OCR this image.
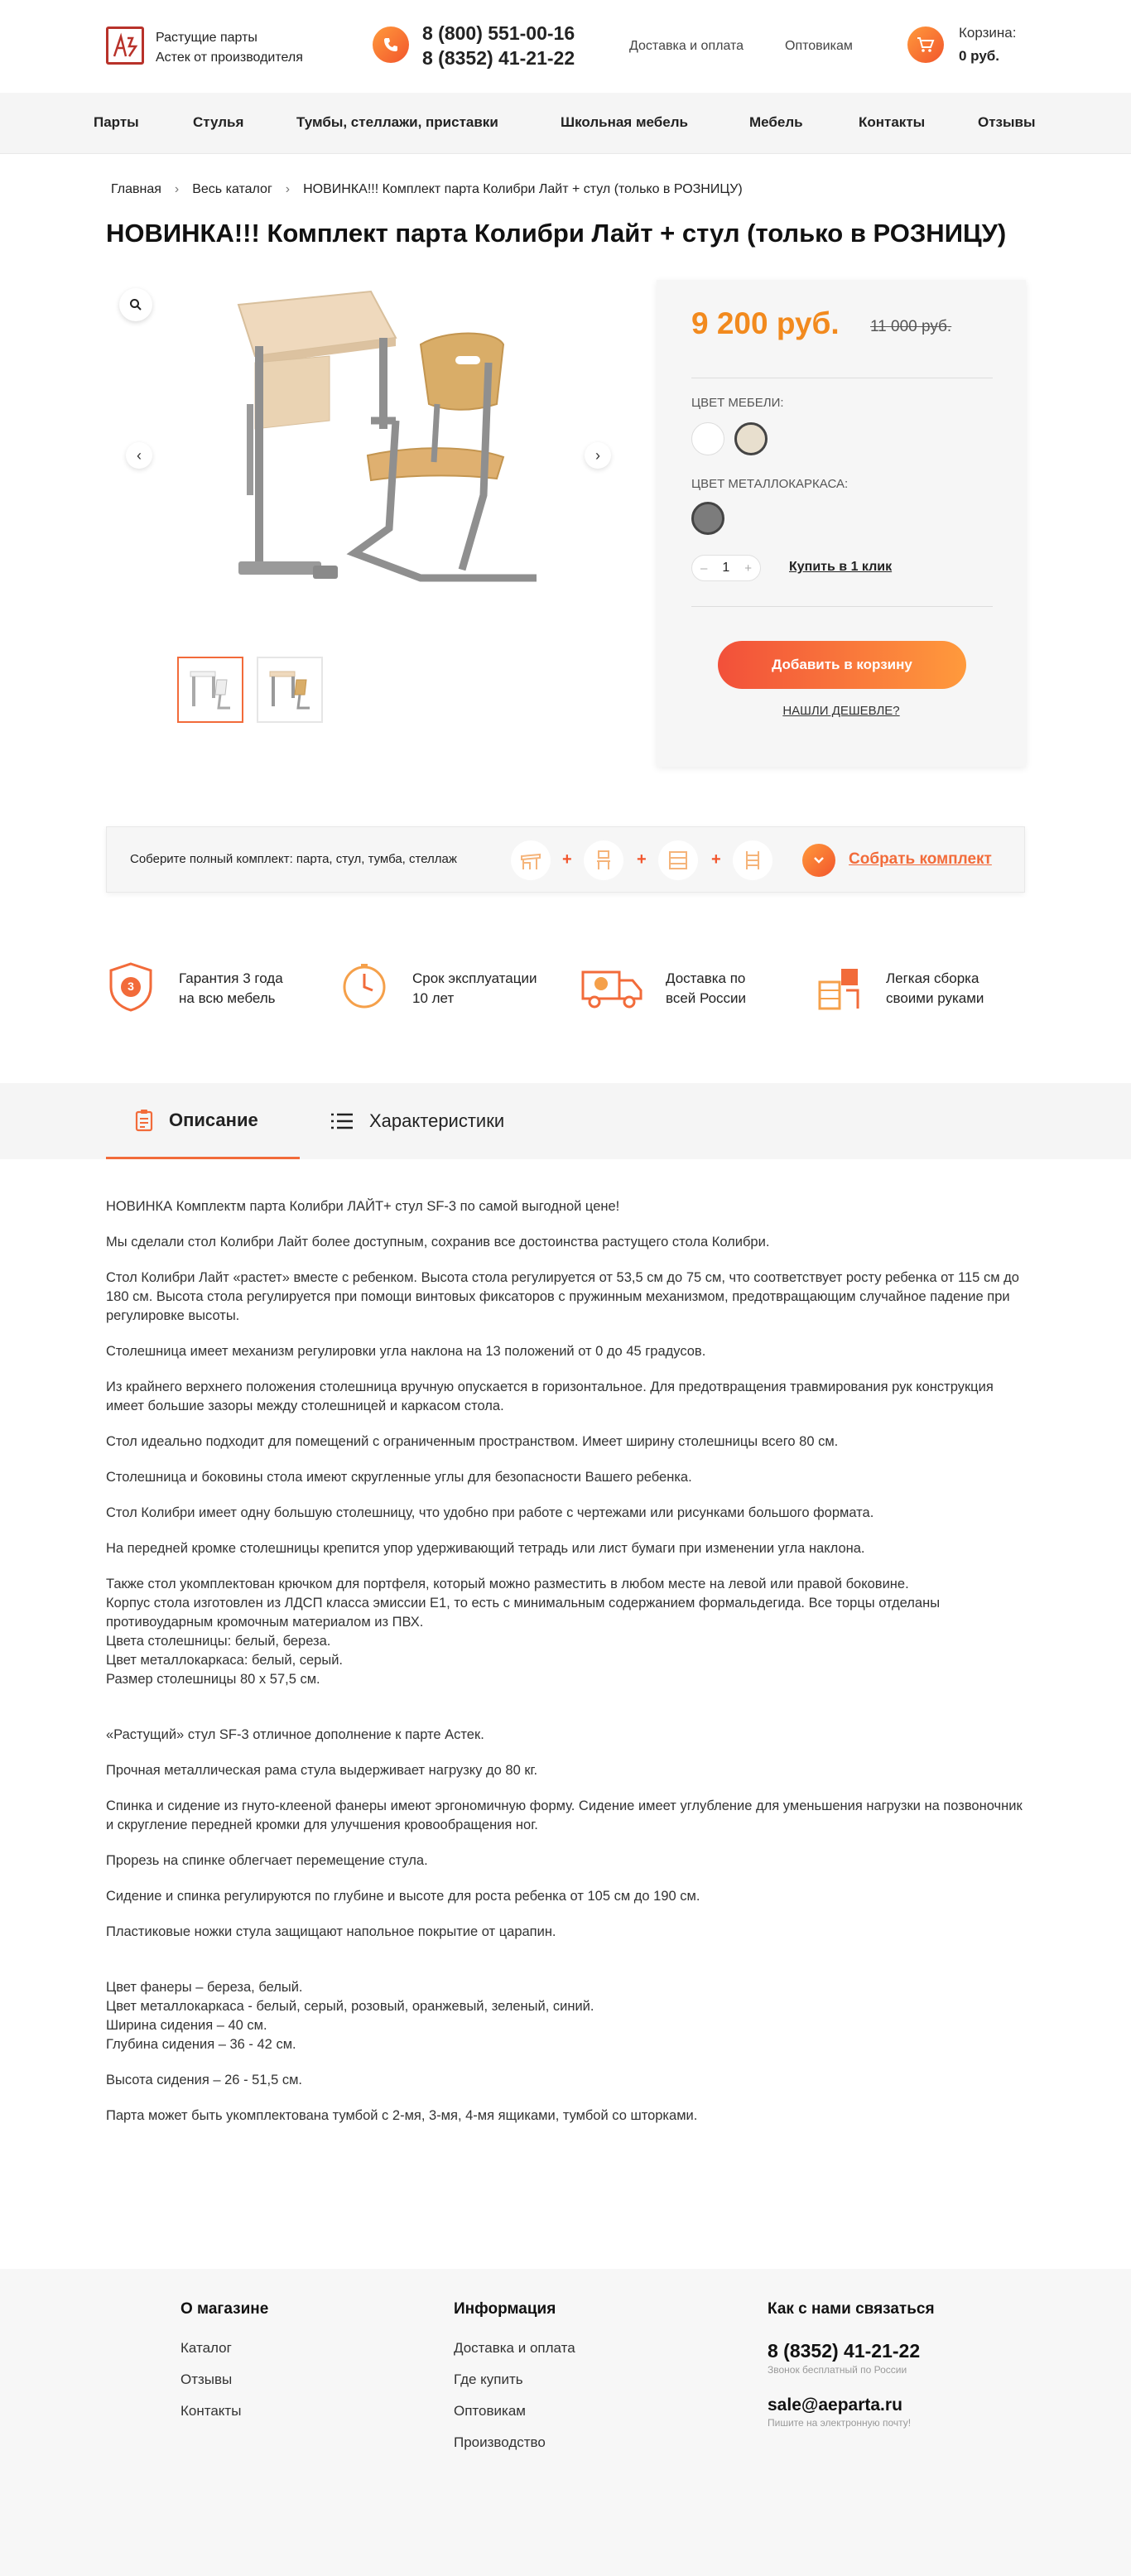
Растущие парты
Астек от производителя
8 (800) 551-00-16
8 (8352) 41-21-22
Доставка и оплата	Оптовикам
Корзина:
0 руб.
Парты	Стулья	Тумбы, стеллажи, приставки	Школьная мебель	Мебель	Контакты	Отзывы
Главная › Весь каталог › НОВИНКА!!! Комплект парта Колибри Лайт + стул (только в РОЗНИЦУ)
НОВИНКА!!! Комплект парта Колибри Лайт + стул (только в РОЗНИЦУ)
‹	›
9 200 руб. 11 000 руб.
ЦВЕТ МЕБЕЛИ:
ЦВЕТ МЕТАЛЛОКАРКАСА:
– 1 +	Купить в 1 клик
Добавить в корзину
НАШЛИ ДЕШЕВЛЕ?
Соберите полный комплект: парта, стул, тумба, стеллаж	+	+	+	Собрать комплект
3	Гарантия 3 года
на всю мебель
Срок эксплуатации
10 лет
Доставка по
всей России
Легкая сборка
своими руками
Описание	Характеристики

НОВИНКА Комплектм парта Колибри ЛАЙТ+ стул SF-3 по самой выгодной цене!

Мы сделали стол Колибри Лайт более доступным, сохранив все достоинства растущего стола Колибри.

Стол Колибри Лайт «растет» вместе с ребенком. Высота стола регулируется от 53,5 см до 75 см, что соответствует росту ребенка от 115 см до 180 см. Высота стола регулируется при помощи винтовых фиксаторов с пружинным механизмом, предотвращающим случайное падение при регулировке высоты.

Столешница имеет механизм регулировки угла наклона на 13 положений от 0 до 45 градусов.

Из крайнего верхнего положения столешница вручную опускается в горизонтальное. Для предотвращения травмирования рук конструкция имеет большие зазоры между столешницей и каркасом стола.

Стол идеально подходит для помещений с ограниченным пространством. Имеет ширину столешницы всего 80 см.

Столешница и боковины стола имеют скругленные углы для безопасности Вашего ребенка.

Стол Колибри имеет одну большую столешницу, что удобно при работе с чертежами или рисунками большого формата.

На передней кромке столешницы крепится упор удерживающий тетрадь или лист бумаги при изменении угла наклона.

Также стол укомплектован крючком для портфеля, который можно разместить в любом месте на левой или правой боковине.
Корпус стола изготовлен из ЛДСП класса эмиссии Е1, то есть с минимальным содержанием формальдегида. Все торцы отделаны противоударным кромочным материалом из ПВХ.
Цвета столешницы: белый, береза.
Цвет металлокаркаса: белый, серый.

Размер столешницы 80 х 57,5 см.

«Растущий» стул SF-3 отличное дополнение к парте Астек.

Прочная металлическая рама стула выдерживает нагрузку до 80 кг.

Спинка и сидение из гнуто-клееной фанеры имеют эргономичную форму. Сидение имеет углубление для уменьшения нагрузки на позвоночник и скругление передней кромки для улучшения кровообращения ног.

Прорезь на спинке облегчает перемещение стула.

Сидение и спинка регулируются по глубине и высоте для роста ребенка от 105 см до 190 см.

Пластиковые ножки стула защищают напольное покрытие от царапин.

Цвет фанеры – береза, белый.
Цвет металлокаркаса - белый, серый, розовый, оранжевый, зеленый, синий.
Ширина сидения – 40 см.

Глубина сидения – 36 - 42 см.

Высота сидения – 26 - 51,5 см.

Парта может быть укомплектована тумбой с 2-мя, 3-мя, 4-мя ящиками, тумбой со шторками.

О магазине
Каталог
Отзывы
Контакты
Информация
Доставка и оплата
Где купить
Оптовикам
Производство
Как с нами связаться
8 (8352) 41-21-22
Звонок бесплатный по России
sale@aeparta.ru
Пишите на электронную почту!
